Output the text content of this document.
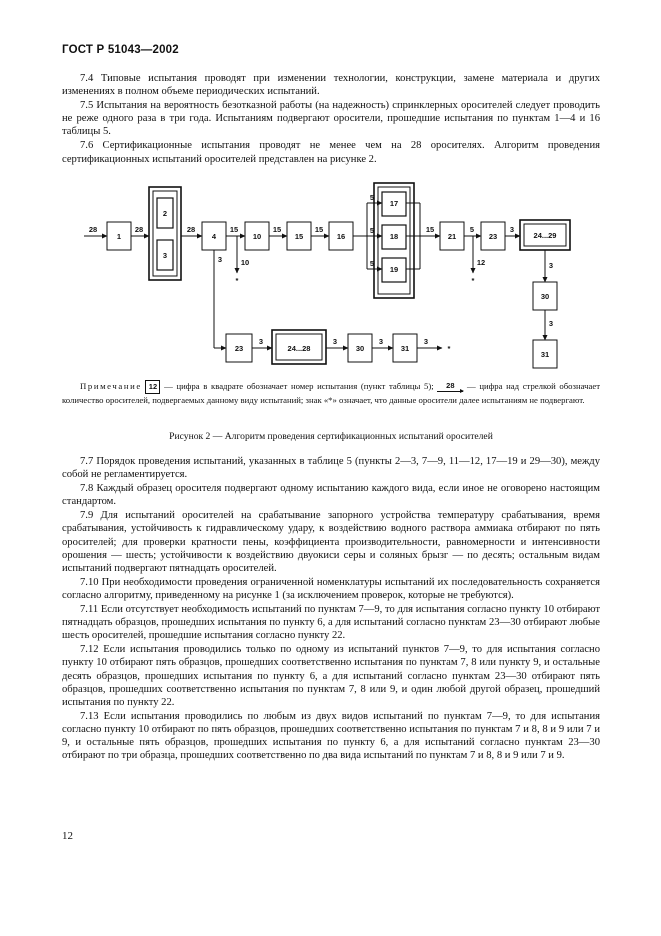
ГОСТ Р 51043—2002

7.4 Типовые испытания проводят при изменении технологии, конструкции, замене материала и других изменениях в полном объеме периодических испытаний.

7.5 Испытания на вероятность безотказной работы (на надежность) спринклерных оросителей следует проводить не реже одного раза в три года. Испытаниям подвергают оросители, прошедшие испытания по пунктам 1—4 и 16 таблицы 5.

7.6 Сертификационные испытания проводят не менее чем на 28 оросителях. Алгоритм проведения сертификационных испытаний оросителей представлен на рисунке 2.

1
2
3
4	10	15	16
17
18
19
21	23	24...29
30
31
23	24...28	30	31
28	28	28	15	15	15
5
5
5
15	5	3
10	12
3
3
3
3	3	3	3
*	*
*
Примечание 12 — цифра в квадрате обозначает номер испытания (пункт таблицы 5); 28 — цифра над стрелкой обозначает количество оросителей, подвергаемых данному виду испытаний; знак «*» означает, что данные оросители далее испытаниям не подвергают.
Рисунок 2 — Алгоритм проведения сертификационных испытаний оросителей

7.7 Порядок проведения испытаний, указанных в таблице 5 (пункты 2—3, 7—9, 11—12, 17—19 и 29—30), между собой не регламентируется.

7.8 Каждый образец оросителя подвергают одному испытанию каждого вида, если иное не оговорено настоящим стандартом.

7.9 Для испытаний оросителей на срабатывание запорного устройства температуру срабатывания, время срабатывания, устойчивость к гидравлическому удару, к воздействию водного раствора аммиака отбирают по пять оросителей; для проверки кратности пены, коэффициента производительности, равномерности и интенсивности орошения — шесть; устойчивости к воздействию двуокиси серы и соляных брызг — по десять; остальным видам испытаний подвергают пятнадцать оросителей.

7.10 При необходимости проведения ограниченной номенклатуры испытаний их последовательность сохраняется согласно алгоритму, приведенному на рисунке 1 (за исключением проверок, которые не требуются).

7.11 Если отсутствует необходимость испытаний по пунктам 7—9, то для испытания согласно пункту 10 отбирают пятнадцать образцов, прошедших испытания по пункту 6, а для испытаний согласно пунктам 23—30 отбирают любые шесть оросителей, прошедшие испытания согласно пункту 22.

7.12 Если испытания проводились только по одному из испытаний пунктов 7—9, то для испытания согласно пункту 10 отбирают пять образцов, прошедших соответственно испытания по пунктам 7, 8 или пункту 9, и остальные десять образцов, прошедших испытания по пункту 6, а для испытаний согласно пунктам 23—30 отбирают пять образцов, прошедших соответственно испытания по пунктам 7, 8 или 9, и один любой другой образец, прошедший испытания по пункту 22.

7.13 Если испытания проводились по любым из двух видов испытаний по пунктам 7—9, то для испытания согласно пункту 10 отбирают по пять образцов, прошедших соответственно испытания по пунктам 7 и 8, 8 и 9 или 7 и 9, и остальные пять образцов, прошедших испытания по пункту 6, а для испытаний согласно пунктам 23—30 отбирают по три образца, прошедших соответственно по два вида испытаний по пунктам 7 и 8, 8 и 9 или 7 и 9.

12
